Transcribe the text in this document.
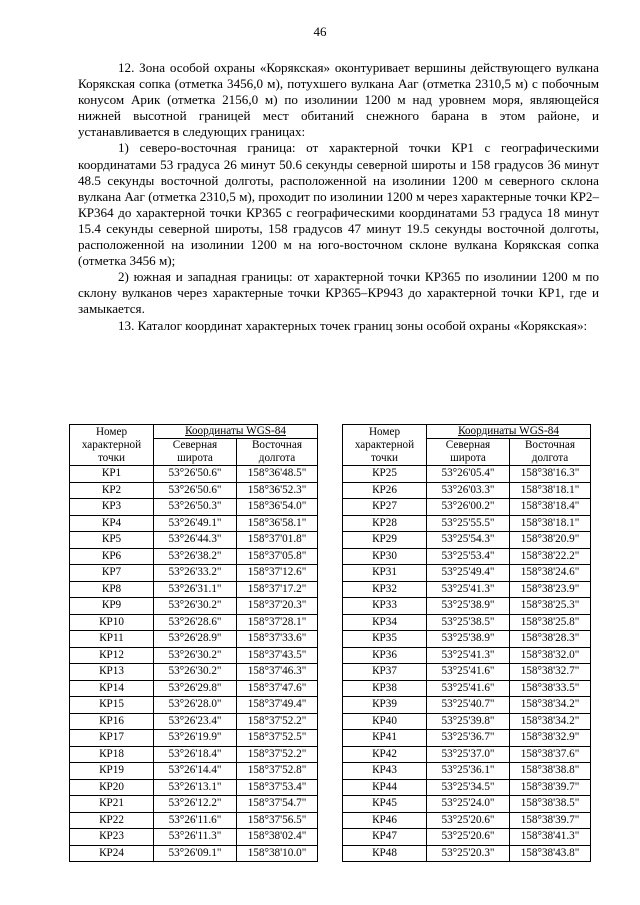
46

12. Зона особой охраны «Корякская» оконтуривает вершины действующего вулкана Корякская сопка (отметка 3456,0 м), потухшего вулкана Ааг (отметка 2310,5 м) с побочным конусом Арик (отметка 2156,0 м) по изолинии 1200 м над уровнем моря, являющейся нижней высотной границей мест обитаний снежного барана в этом районе, и устанавливается в следующих границах:

1) северо-восточная граница: от характерной точки КР1 с географическими координатами 53 градуса 26 минут 50.6 секунды северной широты и 158 градусов 36 минут 48.5 секунды восточной долготы, расположенной на изолинии 1200 м северного склона вулкана Ааг (отметка 2310,5 м), проходит по изолинии 1200 м через характерные точки КР2–КР364 до характерной точки КР365 с географическими координатами 53 градуса 18 минут 15.4 секунды северной широты, 158 градусов 47 минут 19.5 секунды восточной долготы, расположенной на изолинии 1200 м на юго-восточном склоне вулкана Корякская сопка (отметка 3456 м);

2) южная и западная границы: от характерной точки КР365 по изолинии 1200 м по склону вулканов через характерные точки КР365–КР943 до характерной точки КР1, где и замыкается.

13. Каталог координат характерных точек границ зоны особой охраны «Корякская»:

Номер характерной точки	Координаты WGS-84	
	Северная широта	Восточная долгота
КР1	53°26'50.6"	158°36'48.5"
КР2	53°26'50.6"	158°36'52.3"
КР3	53°26'50.3"	158°36'54.0"
КР4	53°26'49.1"	158°36'58.1"
КР5	53°26'44.3"	158°37'01.8"
КР6	53°26'38.2"	158°37'05.8"
КР7	53°26'33.2"	158°37'12.6"
КР8	53°26'31.1"	158°37'17.2"
КР9	53°26'30.2"	158°37'20.3"
КР10	53°26'28.6"	158°37'28.1"
КР11	53°26'28.9"	158°37'33.6"
КР12	53°26'30.2"	158°37'43.5"
КР13	53°26'30.2"	158°37'46.3"
КР14	53°26'29.8"	158°37'47.6"
КР15	53°26'28.0"	158°37'49.4"
КР16	53°26'23.4"	158°37'52.2"
КР17	53°26'19.9"	158°37'52.5"
КР18	53°26'18.4"	158°37'52.2"
КР19	53°26'14.4"	158°37'52.8"
КР20	53°26'13.1"	158°37'53.4"
КР21	53°26'12.2"	158°37'54.7"
КР22	53°26'11.6"	158°37'56.5"
КР23	53°26'11.3"	158°38'02.4"
КР24	53°26'09.1"	158°38'10.0"
Номер характерной точки	Координаты WGS-84	
	Северная широта	Восточная долгота
КР25	53°26'05.4"	158°38'16.3"
КР26	53°26'03.3"	158°38'18.1"
КР27	53°26'00.2"	158°38'18.4"
КР28	53°25'55.5"	158°38'18.1"
КР29	53°25'54.3"	158°38'20.9"
КР30	53°25'53.4"	158°38'22.2"
КР31	53°25'49.4"	158°38'24.6"
КР32	53°25'41.3"	158°38'23.9"
КР33	53°25'38.9"	158°38'25.3"
КР34	53°25'38.5"	158°38'25.8"
КР35	53°25'38.9"	158°38'28.3"
КР36	53°25'41.3"	158°38'32.0"
КР37	53°25'41.6"	158°38'32.7"
КР38	53°25'41.6"	158°38'33.5"
КР39	53°25'40.7"	158°38'34.2"
КР40	53°25'39.8"	158°38'34.2"
КР41	53°25'36.7"	158°38'32.9"
КР42	53°25'37.0"	158°38'37.6"
КР43	53°25'36.1"	158°38'38.8"
КР44	53°25'34.5"	158°38'39.7"
КР45	53°25'24.0"	158°38'38.5"
КР46	53°25'20.6"	158°38'39.7"
КР47	53°25'20.6"	158°38'41.3"
КР48	53°25'20.3"	158°38'43.8"
